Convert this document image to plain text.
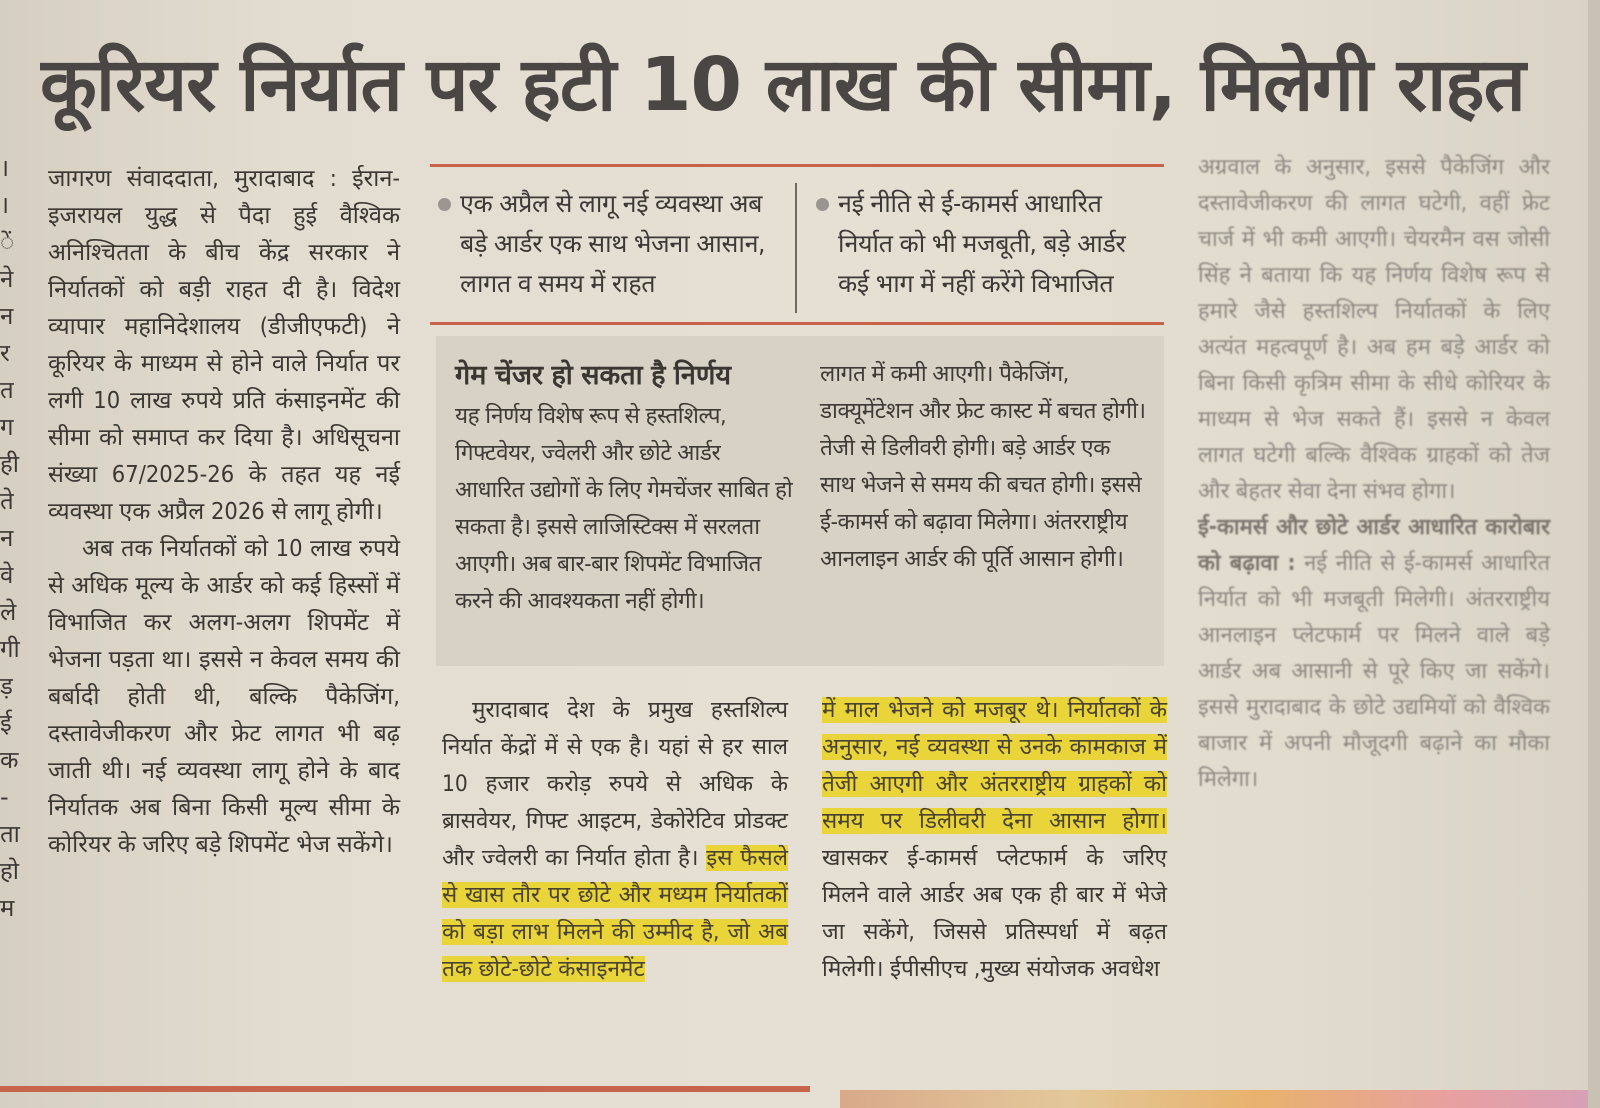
।
।
ें
ने
न
र
त
ग
ही
ते
न
वे
ले
गी
ड़
ई
क
-
ता
हो
म
कूरियर निर्यात पर हटी 10 लाख की सीमा, मिलेगी राहत

जागरण संवाददाता, मुरादाबाद : ईरान-इजरायल युद्ध से पैदा हुई वैश्विक अनिश्चितता के बीच केंद्र सरकार ने निर्यातकों को बड़ी राहत दी है। विदेश व्यापार महानिदेशालय (डीजीएफटी) ने कूरियर के माध्यम से होने वाले निर्यात पर लगी 10 लाख रुपये प्रति कंसाइनमेंट की सीमा को समाप्त कर दिया है। अधिसूचना संख्या 67/2025-26 के तहत यह नई व्यवस्था एक अप्रैल 2026 से लागू होगी।

अब तक निर्यातकों को 10 लाख रुपये से अधिक मूल्य के आर्डर को कई हिस्सों में विभाजित कर अलग-अलग शिपमेंट में भेजना पड़ता था। इससे न केवल समय की बर्बादी होती थी, बल्कि पैकेजिंग, दस्तावेजीकरण और फ्रेट लागत भी बढ़ जाती थी। नई व्यवस्था लागू होने के बाद निर्यातक अब बिना किसी मूल्य सीमा के कोरियर के जरिए बड़े शिपमेंट भेज सकेंगे।

एक अप्रैल से लागू नई व्यवस्था अब बड़े आर्डर एक साथ भेजना आसान, लागत व समय में राहत
नई नीति से ई-कामर्स आधारित निर्यात को भी मजबूती, बड़े आर्डर कई भाग में नहीं करेंगे विभाजित
गेम चेंजर हो सकता है निर्णय
यह निर्णय विशेष रूप से हस्तशिल्प, गिफ्टवेयर, ज्वेलरी और छोटे आर्डर आधारित उद्योगों के लिए गेमचेंजर साबित हो सकता है। इससे लाजिस्टिक्स में सरलता आएगी। अब बार-बार शिपमेंट विभाजित करने की आवश्यकता नहीं होगी।
लागत में कमी आएगी। पैकेजिंग, डाक्यूमेंटेशन और फ्रेट कास्ट में बचत होगी। तेजी से डिलीवरी होगी। बड़े आर्डर एक साथ भेजने से समय की बचत होगी। इससे ई-कामर्स को बढ़ावा मिलेगा। अंतरराष्ट्रीय आनलाइन आर्डर की पूर्ति आसान होगी।

मुरादाबाद देश के प्रमुख हस्तशिल्प निर्यात केंद्रों में से एक है। यहां से हर साल 10 हजार करोड़ रुपये से अधिक के ब्रासवेयर, गिफ्ट आइटम, डेकोरेटिव प्रोडक्ट और ज्वेलरी का निर्यात होता है। इस फैसले से खास तौर पर छोटे और मध्यम निर्यातकों को बड़ा लाभ मिलने की उम्मीद है, जो अब तक छोटे-छोटे कंसाइनमेंट

में माल भेजने को मजबूर थे। निर्यातकों के अनुसार, नई व्यवस्था से उनके कामकाज में तेजी आएगी और अंतरराष्ट्रीय ग्राहकों को समय पर डिलीवरी देना आसान होगा। खासकर ई-कामर्स प्लेटफार्म के जरिए मिलने वाले आर्डर अब एक ही बार में भेजे जा सकेंगे, जिससे प्रतिस्पर्धा में बढ़त मिलेगी। ईपीसीएच ,मुख्य संयोजक अवधेश

अग्रवाल के अनुसार, इससे पैकेजिंग और दस्तावेजीकरण की लागत घटेगी, वहीं फ्रेट चार्ज में भी कमी आएगी। चेयरमैन वस जोसी सिंह ने बताया कि यह निर्णय विशेष रूप से हमारे जैसे हस्तशिल्प निर्यातकों के लिए अत्यंत महत्वपूर्ण है। अब हम बड़े आर्डर को बिना किसी कृत्रिम सीमा के सीधे कोरियर के माध्यम से भेज सकते हैं। इससे न केवल लागत घटेगी बल्कि वैश्विक ग्राहकों को तेज और बेहतर सेवा देना संभव होगा।

ई-कामर्स और छोटे आर्डर आधारित कारोबार को बढ़ावा : नई नीति से ई-कामर्स आधारित निर्यात को भी मजबूती मिलेगी। अंतरराष्ट्रीय आनलाइन प्लेटफार्म पर मिलने वाले बड़े आर्डर अब आसानी से पूरे किए जा सकेंगे। इससे मुरादाबाद के छोटे उद्यमियों को वैश्विक बाजार में अपनी मौजूदगी बढ़ाने का मौका मिलेगा।
